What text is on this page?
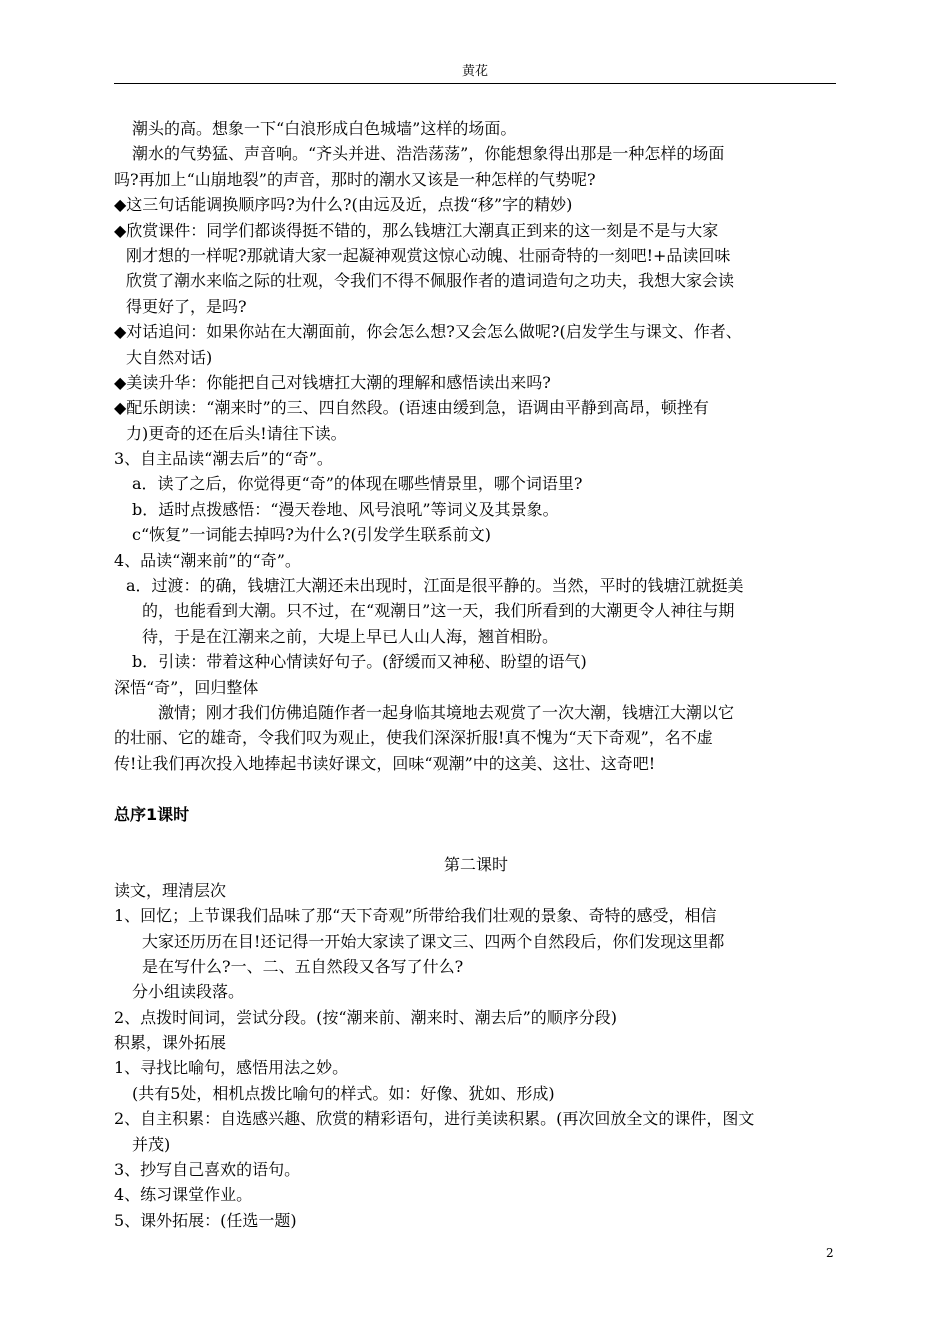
黄花
潮头的高。想象一下“白浪形成白色城墙”这样的场面。
潮水的气势猛、声音响。“齐头并进、浩浩荡荡”，你能想象得出那是一种怎样的场面
吗?再加上“山崩地裂”的声音，那时的潮水又该是一种怎样的气势呢?
◆这三句话能调换顺序吗?为什么?(由远及近，点拨“移”字的精妙)
◆欣赏课件：同学们都谈得挺不错的，那么钱塘江大潮真正到来的这一刻是不是与大家
刚才想的一样呢?那就请大家一起凝神观赏这惊心动魄、壮丽奇特的一刻吧!+品读回味
欣赏了潮水来临之际的壮观，令我们不得不佩服作者的遣词造句之功夫，我想大家会读
得更好了，是吗?
◆对话追问：如果你站在大潮面前，你会怎么想?又会怎么做呢?(启发学生与课文、作者、
大自然对话)
◆美读升华：你能把自己对钱塘扛大潮的理解和感悟读出来吗?
◆配乐朗读：“潮来时”的三、四自然段。(语速由缓到急，语调由平静到高昂，顿挫有
力)更奇的还在后头!请往下读。
3、自主品读“潮去后”的“奇”。
a．读了之后，你觉得更“奇”的体现在哪些情景里，哪个词语里?
b．适时点拨感悟：“漫天卷地、风号浪吼”等词义及其景象。
c“恢复”一词能去掉吗?为什么?(引发学生联系前文)
4、品读“潮来前”的“奇”。
a．过渡：的确，钱塘江大潮还未出现时，江面是很平静的。当然，平时的钱塘江就挺美
的，也能看到大潮。只不过，在“观潮日”这一天，我们所看到的大潮更令人神往与期
待，于是在江潮来之前，大堤上早已人山人海，翘首相盼。
b．引读：带着这种心情读好句子。(舒缓而又神秘、盼望的语气)
深悟“奇”，回归整体
激情；刚才我们仿佛追随作者一起身临其境地去观赏了一次大潮，钱塘江大潮以它
的壮丽、它的雄奇，令我们叹为观止，使我们深深折服!真不愧为“天下奇观”，名不虚
传!让我们再次投入地捧起书读好课文，回味“观潮”中的这美、这壮、这奇吧!
总序1课时
第二课时
读文，理清层次
1、回忆；上节课我们品味了那“天下奇观”所带给我们壮观的景象、奇特的感受，相信
大家还历历在目!还记得一开始大家读了课文三、四两个自然段后，你们发现这里都
是在写什么?一、二、五自然段又各写了什么?
分小组读段落。
2、点拨时间词，尝试分段。(按“潮来前、潮来时、潮去后”的顺序分段)
积累，课外拓展
1、寻找比喻句，感悟用法之妙。
(共有5处，相机点拨比喻句的样式。如：好像、犹如、形成)
2、自主积累：自选感兴趣、欣赏的精彩语句，进行美读积累。(再次回放全文的课件，图文
并茂)
3、抄写自己喜欢的语句。
4、练习课堂作业。
5、课外拓展：(任选一题)
2
